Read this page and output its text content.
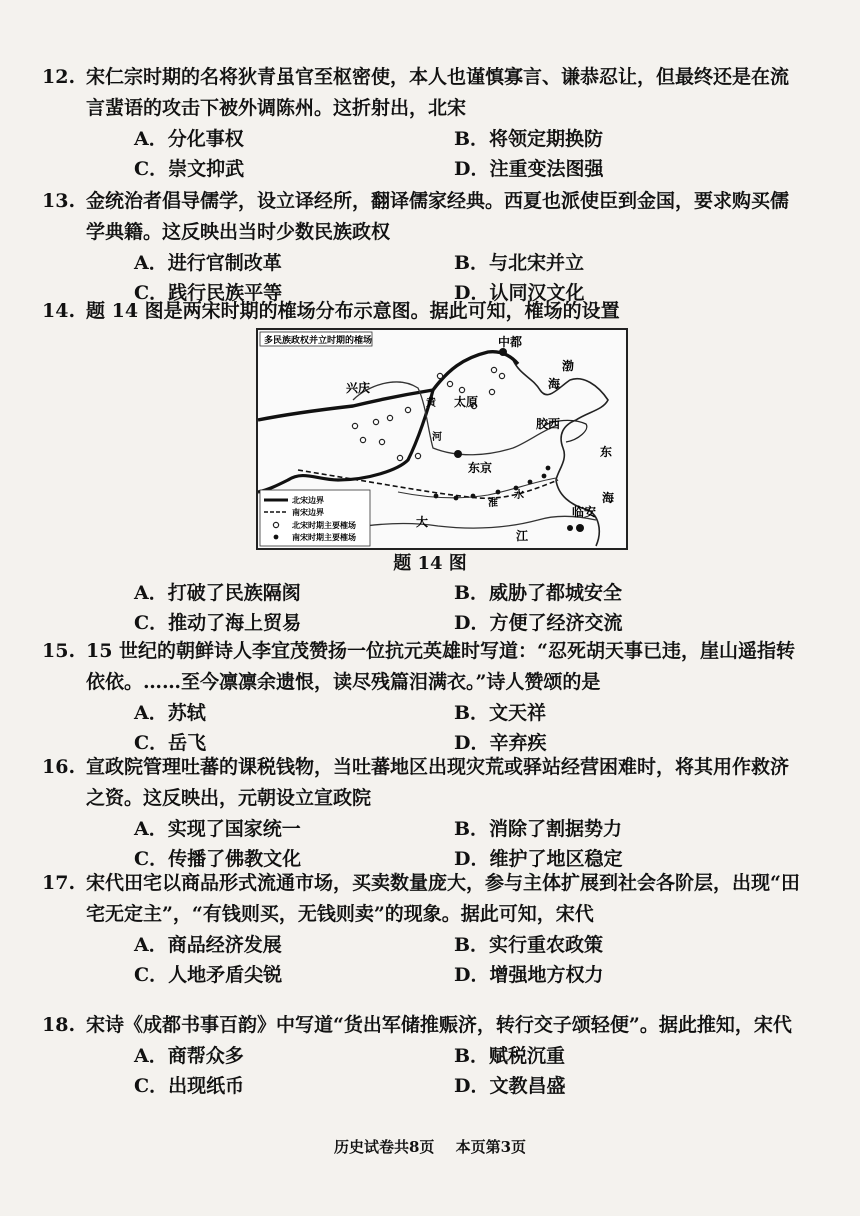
12. 宋仁宗时期的名将狄青虽官至枢密使，本人也谨慎寡言、谦恭忍让，但最终还是在流言蜚语的攻击下被外调陈州。这折射出，北宋
A．分化事权	B．将领定期换防
C．崇文抑武	D．注重变法图强
13. 金统治者倡导儒学，设立译经所，翻译儒家经典。西夏也派使臣到金国，要求购买儒学典籍。这反映出当时少数民族政权
A．进行官制改革	B．与北宋并立
C．践行民族平等	D．认同汉文化
14. 题 14 图是两宋时期的榷场分布示意图。据此可知，榷场的设置
多民族政权并立时期的榷场	中都
兴庆
太原
黄
河
东京
胶西
渤
海
东
海
大
江
临安
淮
水
北宋边界
南宋边界
北宋时期主要榷场
南宋时期主要榷场
题 14 图
A．打破了民族隔阂	B．威胁了都城安全
C．推动了海上贸易	D．方便了经济交流
15. 15 世纪的朝鲜诗人李宜茂赞扬一位抗元英雄时写道：“忍死胡天事已违，崖山遥指转依依。……至今凛凛余遗恨，读尽残篇泪满衣。”诗人赞颂的是
A．苏轼	B．文天祥
C．岳飞	D．辛弃疾
16. 宣政院管理吐蕃的课税钱物，当吐蕃地区出现灾荒或驿站经营困难时，将其用作救济之资。这反映出，元朝设立宣政院
A．实现了国家统一	B．消除了割据势力
C．传播了佛教文化	D．维护了地区稳定
17. 宋代田宅以商品形式流通市场，买卖数量庞大，参与主体扩展到社会各阶层，出现“田宅无定主”，“有钱则买，无钱则卖”的现象。据此可知，宋代
A．商品经济发展	B．实行重农政策
C．人地矛盾尖锐	D．增强地方权力
18. 宋诗《成都书事百韵》中写道“货出军储推赈济，转行交子颂轻便”。据此推知，宋代
A．商帮众多	B．赋税沉重
C．出现纸币	D．文教昌盛
历史试卷共8页 本页第3页
